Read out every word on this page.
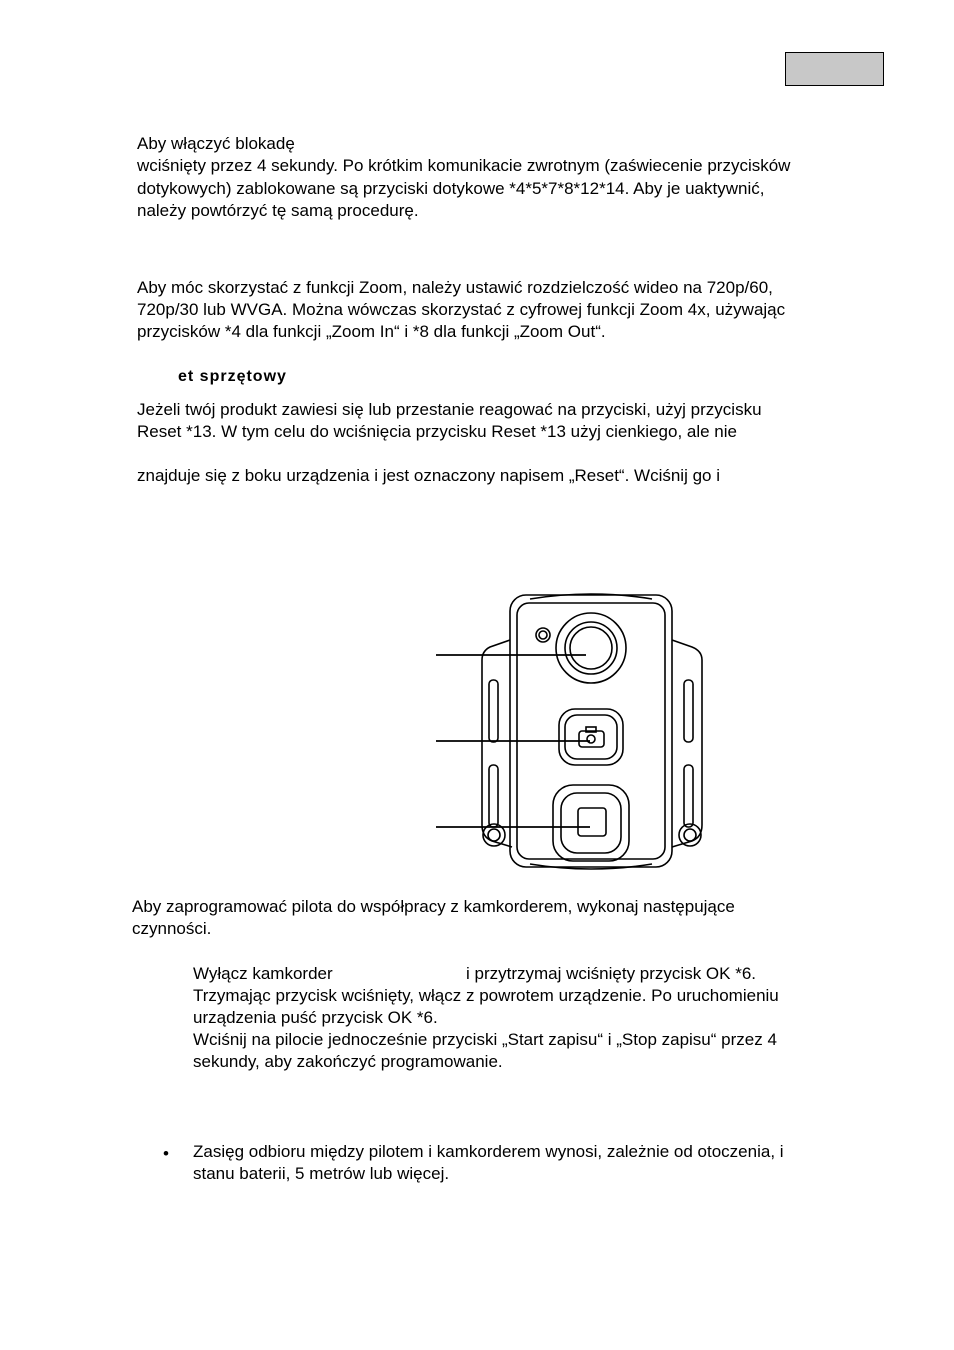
Aby włączyć blokadę
wciśnięty przez 4 sekundy. Po krótkim komunikacie zwrotnym (zaświecenie przycisków
dotykowych) zablokowane są przyciski dotykowe *4*5*7*8*12*14. Aby je uaktywnić,
należy powtórzyć tę samą procedurę.
Aby móc skorzystać z funkcji Zoom, należy ustawić rozdzielczość wideo na 720p/60,
720p/30 lub WVGA. Można wówczas skorzystać z cyfrowej funkcji Zoom 4x, używając
przycisków *4 dla funkcji „Zoom In“ i *8 dla funkcji „Zoom Out“.
et sprzętowy
Jeżeli twój produkt zawiesi się lub przestanie reagować na przyciski, użyj przycisku
Reset *13. W tym celu do wciśnięcia przycisku Reset *13 użyj cienkiego, ale nie
znajduje się z boku urządzenia i jest oznaczony napisem „Reset“. Wciśnij go i
Aby zaprogramować pilota do współpracy z kamkorderem, wykonaj następujące
czynności.
Wyłącz kamkorder	i przytrzymaj wciśnięty przycisk OK *6.
Trzymając przycisk wciśnięty, włącz z powrotem urządzenie. Po uruchomieniu
urządzenia puść przycisk OK *6.
Wciśnij na pilocie jednocześnie przyciski „Start zapisu“ i „Stop zapisu“ przez 4
sekundy, aby zakończyć programowanie.
• Zasięg odbioru między pilotem i kamkorderem wynosi, zależnie od otoczenia, i
stanu baterii, 5 metrów lub więcej.
